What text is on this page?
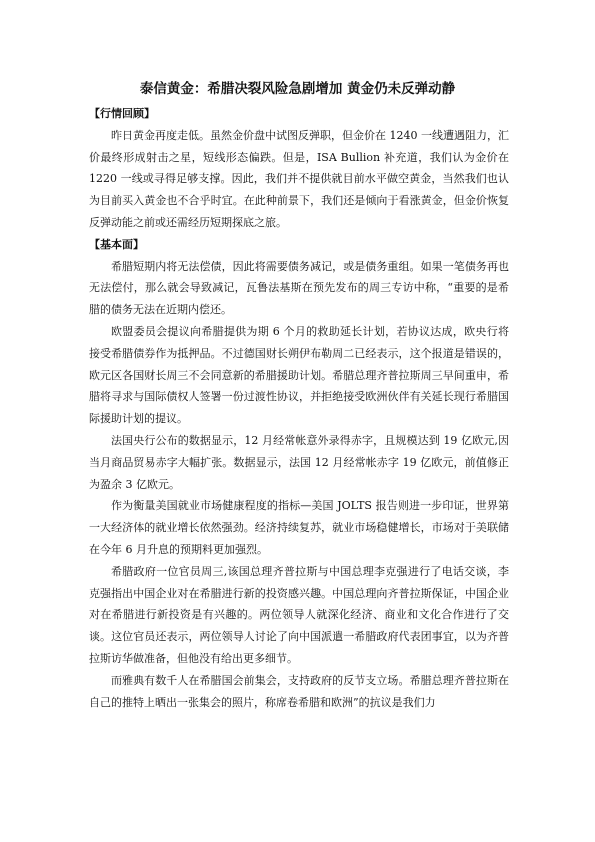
泰信黄金：希腊决裂风险急剧增加 黄金仍未反弹动静
【行情回顾】

昨日黄金再度走低。虽然金价盘中试图反弹职，但金价在 1240 一线遭遇阻力，汇价最终形成射击之星，短线形态偏跌。但是，ISA Bullion 补充道，我们认为金价在 1220 一线或寻得足够支撑。因此，我们并不提供就目前水平做空黄金，当然我们也认为目前买入黄金也不合乎时宜。在此种前景下，我们还是倾向于看涨黄金，但金价恢复反弹动能之前或还需经历短期探底之旅。

【基本面】

希腊短期内将无法偿债，因此将需要债务减记，或是债务重组。如果一笔债务再也无法偿付，那么就会导致减记，瓦鲁法基斯在预先发布的周三专访中称，“重要的是希腊的债务无法在近期内偿还。

欧盟委员会提议向希腊提供为期 6 个月的救助延长计划，若协议达成，欧央行将接受希腊债券作为抵押品。不过德国财长朔伊布勒周二已经表示，这个报道是错误的，欧元区各国财长周三不会同意新的希腊援助计划。希腊总理齐普拉斯周三早间重申，希腊将寻求与国际债权人签署一份过渡性协议，并拒绝接受欧洲伙伴有关延长现行希腊国际援助计划的提议。

法国央行公布的数据显示，12 月经常帐意外录得赤字，且规模达到 19 亿欧元,因当月商品贸易赤字大幅扩张。数据显示，法国 12 月经常帐赤字 19 亿欧元，前值修正为盈余 3 亿欧元。

作为衡量美国就业市场健康程度的指标—美国 JOLTS 报告则进一步印证，世界第一大经济体的就业增长依然强劲。经济持续复苏，就业市场稳健增长，市场对于美联储在今年 6 月升息的预期料更加强烈。

希腊政府一位官员周三,该国总理齐普拉斯与中国总理李克强进行了电话交谈，李克强指出中国企业对在希腊进行新的投资感兴趣。中国总理向齐普拉斯保证，中国企业对在希腊进行新投资是有兴趣的。两位领导人就深化经济、商业和文化合作进行了交谈。这位官员还表示，两位领导人讨论了向中国派遣一希腊政府代表团事宜，以为齐普拉斯访华做准备，但他没有给出更多细节。

而雅典有数千人在希腊国会前集会，支持政府的反节支立场。希腊总理齐普拉斯在自己的推特上晒出一张集会的照片，称席卷希腊和欧洲”的抗议是我们力
